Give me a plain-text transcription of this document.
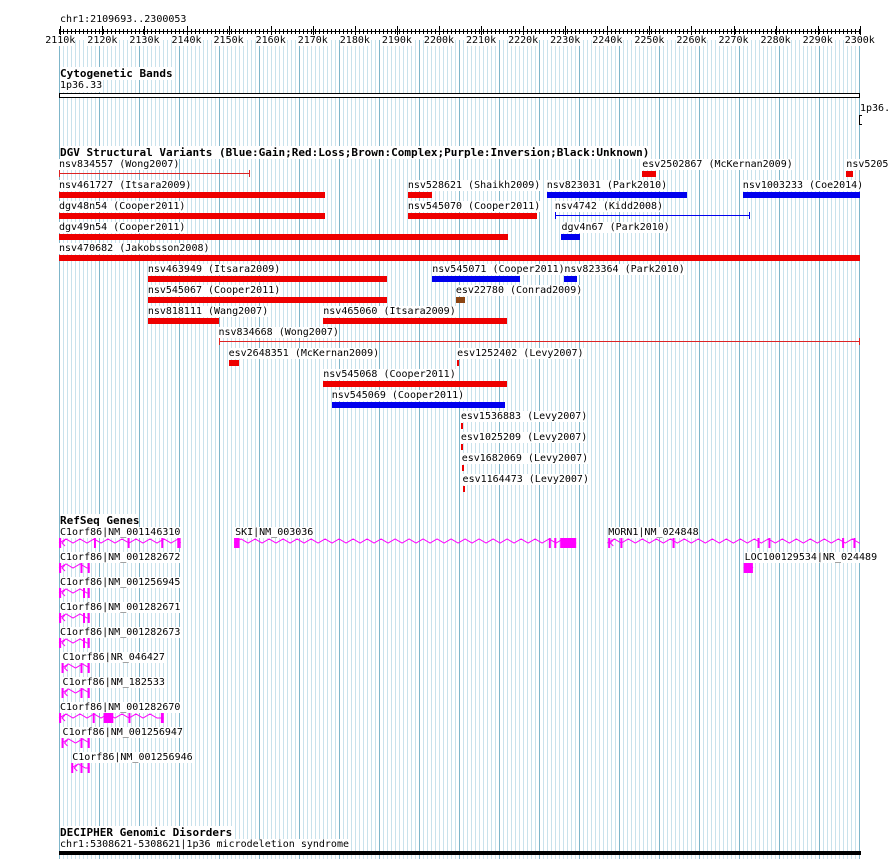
chr1:2109693..2300053
2110k 2120k 2130k 2140k 2150k 2160k 2170k 2180k 2190k 2200k 2210k 2220k 2230k 2240k 2250k 2260k 2270k 2280k 2290k 2300k
Cytogenetic Bands
1p36.33
1p36.
DGV Structural Variants (Blue:Gain;Red:Loss;Brown:Complex;Purple:Inversion;Black:Unknown)
nsv834557 (Wong2007)	esv2502867 (McKernan2009)	nsv5205
nsv461727 (Itsara2009)	nsv528621 (Shaikh2009) nsv823031 (Park2010)	nsv1003233 (Coe2014)
dgv48n54 (Cooper2011)	nsv545070 (Cooper2011) nsv4742 (Kidd2008)
dgv49n54 (Cooper2011)	dgv4n67 (Park2010)
nsv470682 (Jakobsson2008)
nsv463949 (Itsara2009)	nsv545071 (Cooper2011) nsv823364 (Park2010)
nsv545067 (Cooper2011)	esv22780 (Conrad2009)
nsv818111 (Wang2007)	nsv465060 (Itsara2009)
nsv834668 (Wong2007)
esv2648351 (McKernan2009)	esv1252402 (Levy2007)
nsv545068 (Cooper2011)
nsv545069 (Cooper2011)
esv1536883 (Levy2007)
esv1025209 (Levy2007)
esv1682069 (Levy2007)
esv1164473 (Levy2007)
RefSeq Genes
C1orf86|NM_001146310	SKI|NM_003036	MORN1|NM_024848
C1orf86|NM_001282672	LOC100129534|NR_024489
C1orf86|NM_001256945
C1orf86|NM_001282671
C1orf86|NM_001282673
C1orf86|NR_046427
C1orf86|NM_182533
C1orf86|NM_001282670
C1orf86|NM_001256947
C1orf86|NM_001256946
DECIPHER Genomic Disorders
chr1:5308621-5308621|1p36 microdeletion syndrome
